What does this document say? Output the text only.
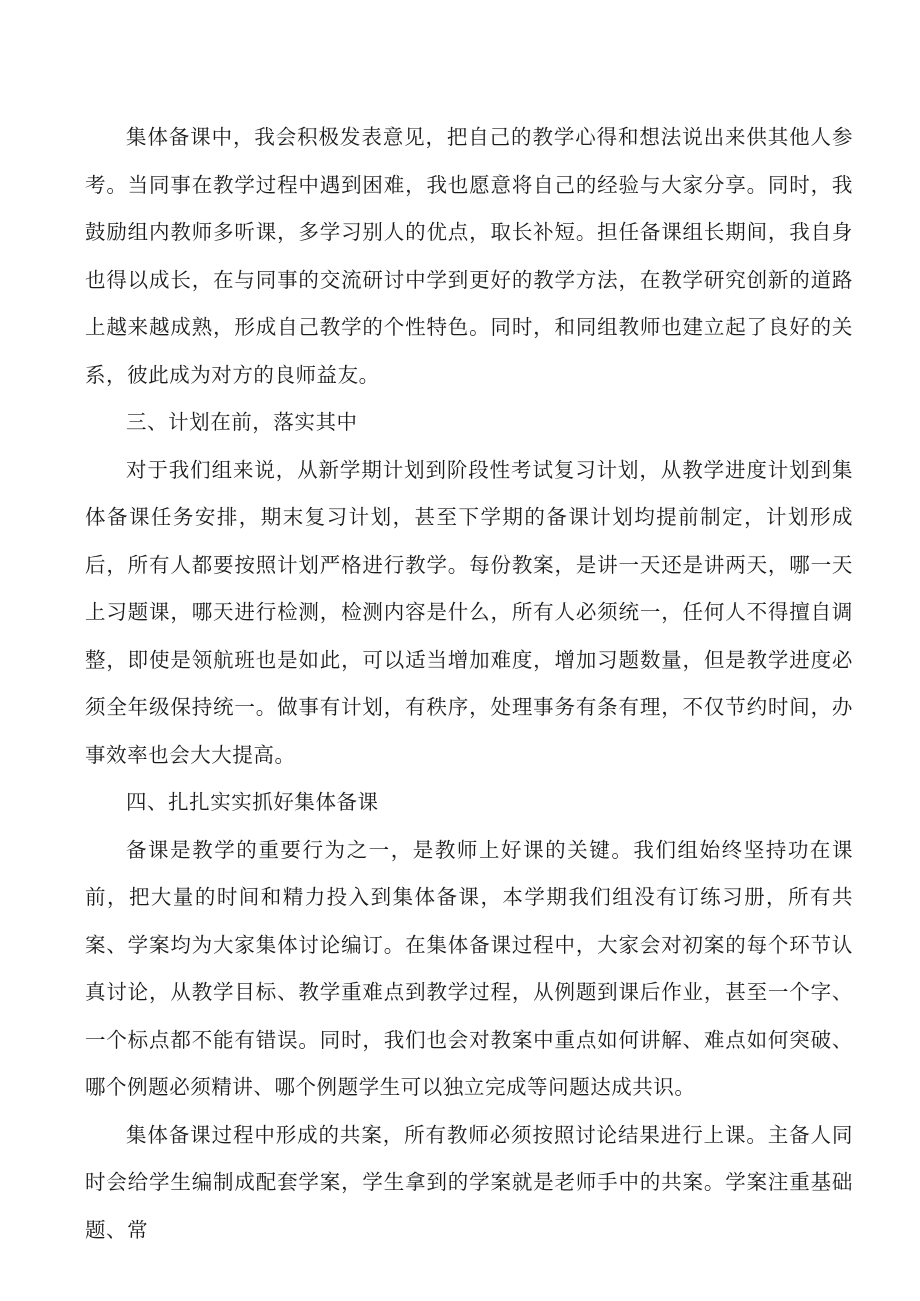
集体备课中，我会积极发表意见，把自己的教学心得和想法说出来供其他人参考。当同事在教学过程中遇到困难，我也愿意将自己的经验与大家分享。同时，我鼓励组内教师多听课，多学习别人的优点，取长补短。担任备课组长期间，我自身也得以成长，在与同事的交流研讨中学到更好的教学方法，在教学研究创新的道路上越来越成熟，形成自己教学的个性特色。同时，和同组教师也建立起了良好的关系，彼此成为对方的良师益友。

三、计划在前，落实其中

对于我们组来说，从新学期计划到阶段性考试复习计划，从教学进度计划到集体备课任务安排，期末复习计划，甚至下学期的备课计划均提前制定，计划形成后，所有人都要按照计划严格进行教学。每份教案，是讲一天还是讲两天，哪一天上习题课，哪天进行检测，检测内容是什么，所有人必须统一，任何人不得擅自调整，即使是领航班也是如此，可以适当增加难度，增加习题数量，但是教学进度必须全年级保持统一。做事有计划，有秩序，处理事务有条有理，不仅节约时间，办事效率也会大大提高。

四、扎扎实实抓好集体备课

备课是教学的重要行为之一，是教师上好课的关键。我们组始终坚持功在课前，把大量的时间和精力投入到集体备课，本学期我们组没有订练习册，所有共案、学案均为大家集体讨论编订。在集体备课过程中，大家会对初案的每个环节认真讨论，从教学目标、教学重难点到教学过程，从例题到课后作业，甚至一个字、一个标点都不能有错误。同时，我们也会对教案中重点如何讲解、难点如何突破、哪个例题必须精讲、哪个例题学生可以独立完成等问题达成共识。

集体备课过程中形成的共案，所有教师必须按照讨论结果进行上课。主备人同时会给学生编制成配套学案，学生拿到的学案就是老师手中的共案。学案注重基础题、常
